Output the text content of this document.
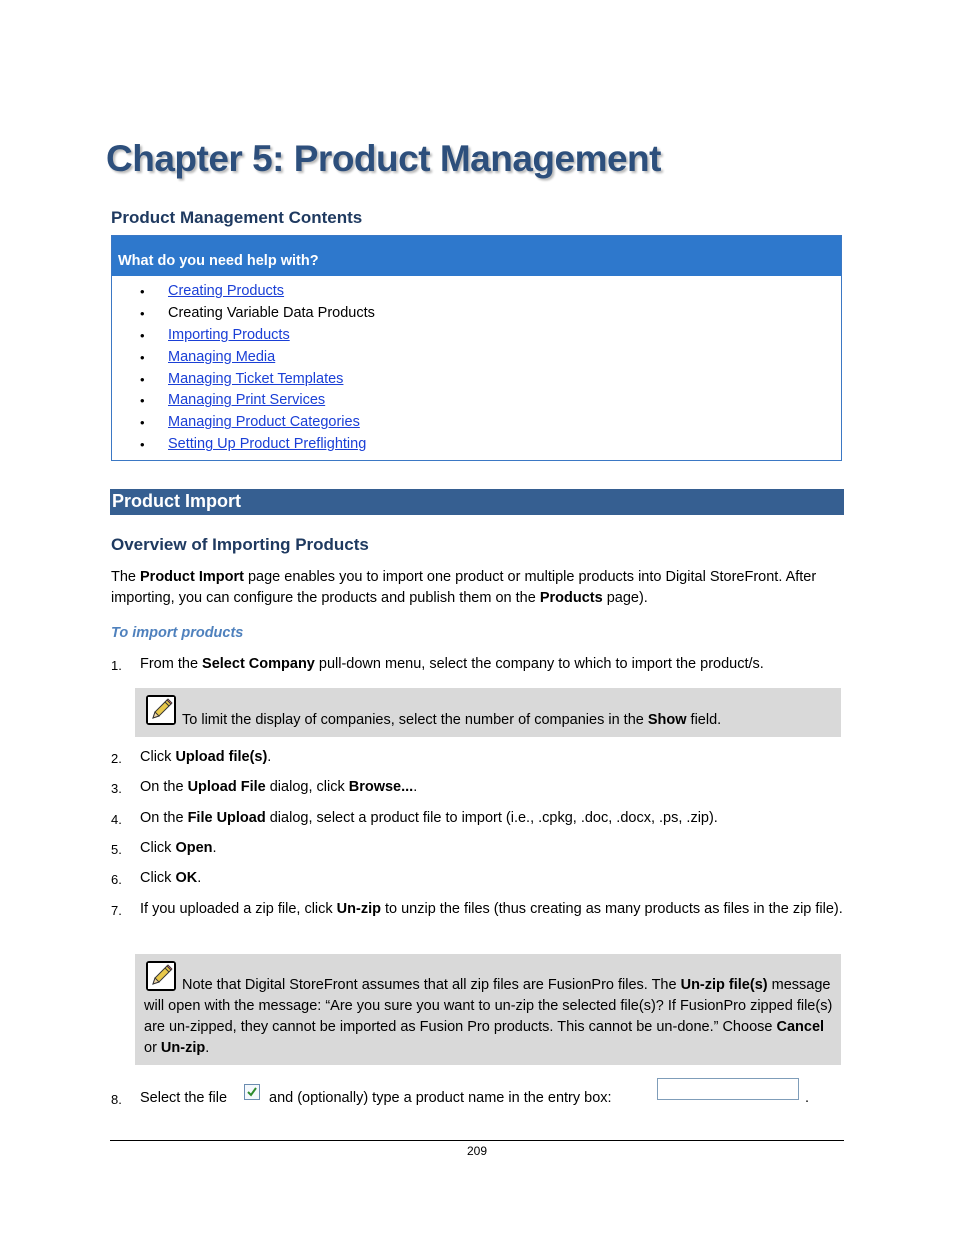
Chapter 5: Product Management
Product Management Contents
What do you need help with?
• Creating Products
• Creating Variable Data Products
• Importing Products
• Managing Media
• Managing Ticket Templates
• Managing Print Services
• Managing Product Categories
• Setting Up Product Preflighting
Product Import
Overview of Importing Products
The Product Import page enables you to import one product or multiple products into Digital StoreFront. After importing, you can configure the products and publish them on the Products page).
To import products
1. From the Select Company pull-down menu, select the company to which to import the product/s.
To limit the display of companies, select the number of companies in the Show field.
2. Click Upload file(s).
3. On the Upload File dialog, click Browse....
4. On the File Upload dialog, select a product file to import (i.e., .cpkg, .doc, .docx, .ps, .zip).
5. Click Open.
6. Click OK.
7. If you uploaded a zip file, click Un-zip to unzip the files (thus creating as many products as files in the zip file).
Note that Digital StoreFront assumes that all zip files are FusionPro files. The Un-zip file(s) message will open with the message: “Are you sure you want to un-zip the selected file(s)? If FusionPro zipped file(s) are un-zipped, they cannot be imported as Fusion Pro products. This cannot be un-done.” Choose Cancel or Un-zip.
8. Select the file	and (optionally) type a product name in the entry box:	.
209
